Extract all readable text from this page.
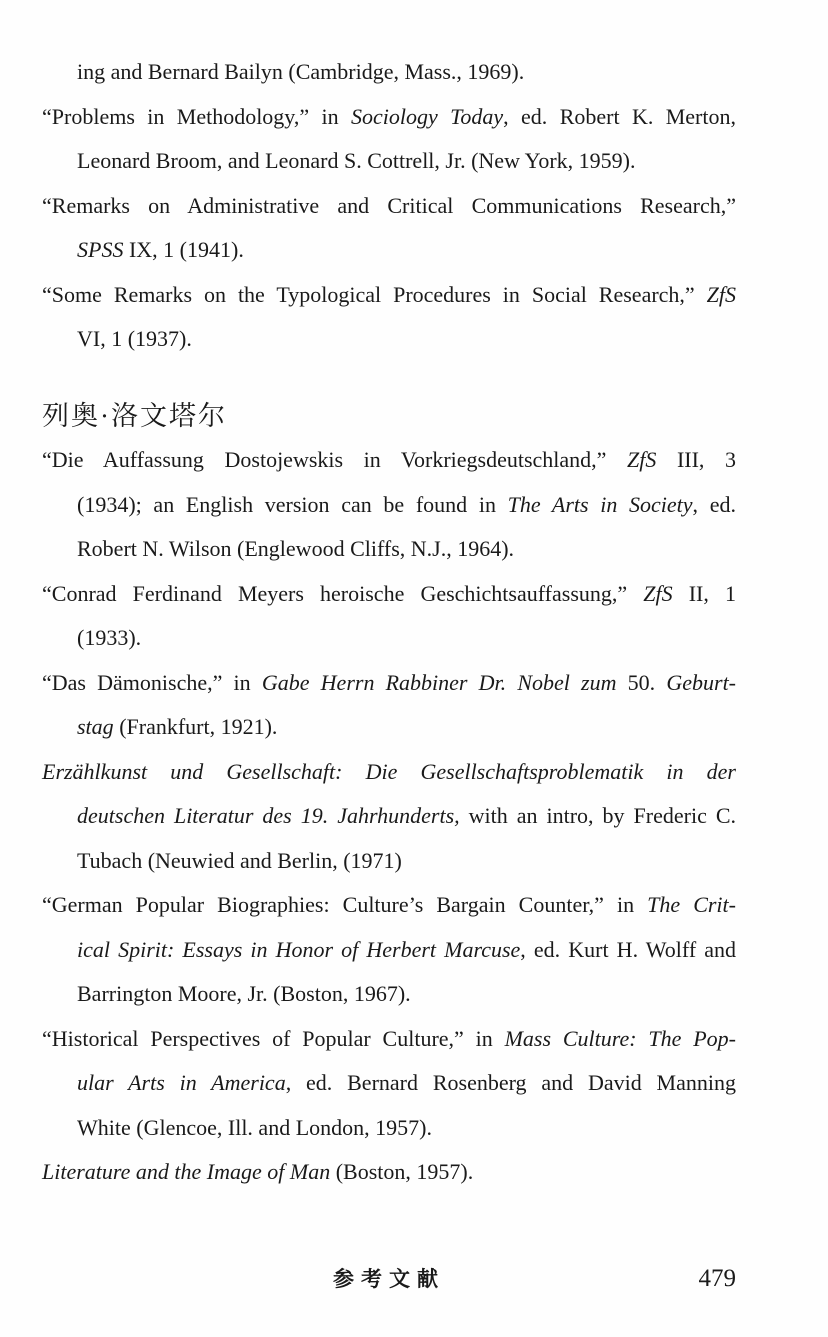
ing and Bernard Bailyn (Cambridge, Mass., 1969).
“Problems in Methodology,” in Sociology Today, ed. Robert K. Merton,
Leonard Broom, and Leonard S. Cottrell, Jr. (New York, 1959).
“Remarks on Administrative and Critical Communications Research,”
SPSS IX, 1 (1941).
“Some Remarks on the Typological Procedures in Social Research,” ZfS
VI, 1 (1937).
列奥·洛文塔尔
“Die Auffassung Dostojewskis in Vorkriegsdeutschland,” ZfS III, 3
(1934); an English version can be found in The Arts in Society, ed.
Robert N. Wilson (Englewood Cliffs, N.J., 1964).
“Conrad Ferdinand Meyers heroische Geschichtsauffassung,” ZfS II, 1
(1933).
“Das Dämonische,” in Gabe Herrn Rabbiner Dr. Nobel zum 50. Geburt-
stag (Frankfurt, 1921).
Erzählkunst und Gesellschaft: Die Gesellschaftsproblematik in der
deutschen Literatur des 19. Jahrhunderts, with an intro, by Frederic C.
Tubach (Neuwied and Berlin, (1971)
“German Popular Biographies: Culture’s Bargain Counter,” in The Crit-
ical Spirit: Essays in Honor of Herbert Marcuse, ed. Kurt H. Wolff and
Barrington Moore, Jr. (Boston, 1967).
“Historical Perspectives of Popular Culture,” in Mass Culture: The Pop-
ular Arts in America, ed. Bernard Rosenberg and David Manning
White (Glencoe, Ill. and London, 1957).
Literature and the Image of Man (Boston, 1957).
参考文献	479
